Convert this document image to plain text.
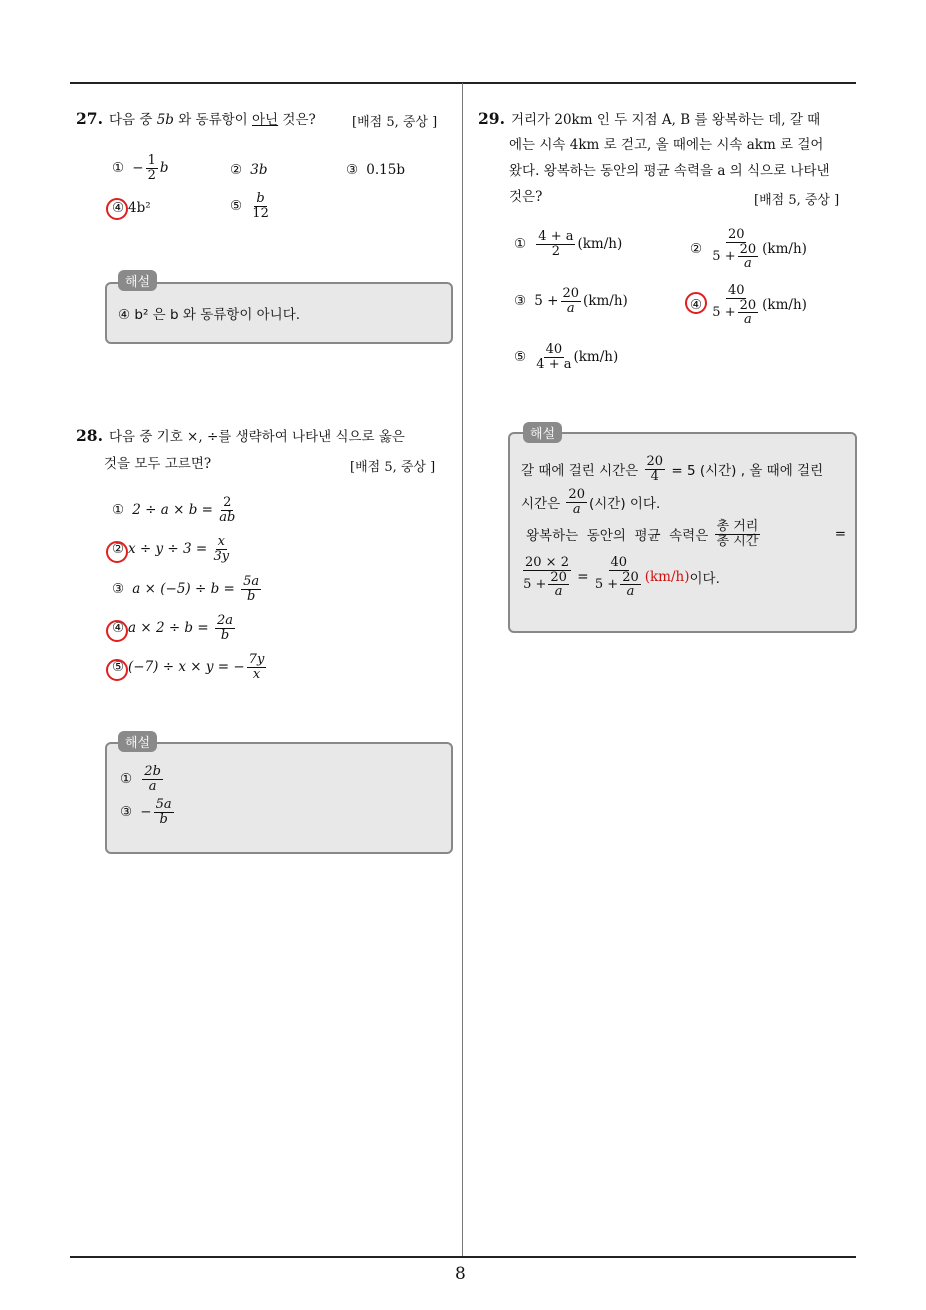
8
27. 다음 중 5b 와 동류항이 아닌 것은?	[배점 5, 중상 ]
①
− $\frac{1}{2}$ b	②
3b	③
0.15b
④ 4b²	⑤
$\frac{b}{12}$
해설
④ b² 은 b 와 동류항이 아니다.
28. 다음 중 기호 ×, ÷를 생략하여 나타낸 식으로 옳은
것을 모두 고르면?	[배점 5, 중상 ]
①
2 ÷ a × b =
$\frac{2}{ab}$
② x ÷ y ÷ 3 =
$\frac{x}{3y}$
③
a × (−5) ÷ b =
$\frac{5a}{b}$
④ a × 2 ÷ b =
$\frac{2a}{b}$
⑤ (−7) ÷ x × y = − $\frac{7y}{x}$
해설
①
$\frac{2b}{a}$
③
− $\frac{5a}{b}$
29. 거리가 20km 인 두 지점 A, B 를 왕복하는 데, 갈 때
에는 시속 4km 로 걷고, 올 때에는 시속 akm 로 걸어
왔다. 왕복하는 동안의 평균 속력을 a 의 식으로 나타낸
것은?	[배점 5, 중상 ]
①
$\frac{4 + a}{2} (km/h)$	②
$\frac{20}{5 + \frac{20}{a}} (km/h)$
③
$5 + \frac{20}{a} (km/h)$	④
$\frac{40}{5 + \frac{20}{a}} (km/h)$
⑤
$\frac{40}{4 + a} (km/h)$
해설
갈 때에 걸린 시간은
$\frac{20}{4}$
= 5 (시간) , 올 때에 걸린
시간은
$\frac{20}{a}$ (시간) 이다.
왕복하는  동안의  평균  속력은
$\frac{\text{총 거리}}{\text{총 시간}}$	=
$\frac{20 \times 2}{5 + \frac{20}{a}}$
=
$\frac{40}{5 + \frac{20}{a}} (km/h)$ 이다.
